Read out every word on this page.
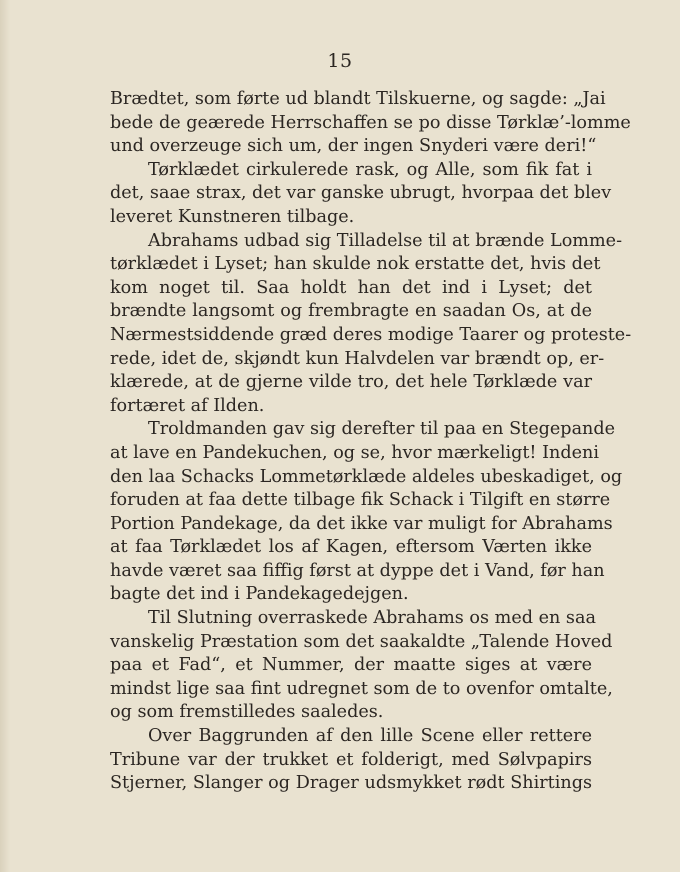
15
Brædtet, som førte ud blandt Tilskuerne, og sagde: „Jai
bede de geærede Herrschaffen se po disse Tørklæ’-lomme
und overzeuge sich um, der ingen Snyderi være deri!“
Tørklædet cirkulerede rask, og Alle, som fik fat i
det, saae strax, det var ganske ubrugt, hvorpaa det blev
leveret Kunstneren tilbage.
Abrahams udbad sig Tilladelse til at brænde Lomme-
tørklædet i Lyset; han skulde nok erstatte det, hvis det
kom noget til. Saa holdt han det ind i Lyset; det
brændte langsomt og frembragte en saadan Os, at de
Nærmestsiddende græd deres modige Taarer og proteste-
rede, idet de, skjøndt kun Halvdelen var brændt op, er-
klærede, at de gjerne vilde tro, det hele Tørklæde var
fortæret af Ilden.
Troldmanden gav sig derefter til paa en Stegepande
at lave en Pandekuchen, og se, hvor mærkeligt! Indeni
den laa Schacks Lommetørklæde aldeles ubeskadiget, og
foruden at faa dette tilbage fik Schack i Tilgift en større
Portion Pandekage, da det ikke var muligt for Abrahams
at faa Tørklædet los af Kagen, eftersom Værten ikke
havde været saa fiffig først at dyppe det i Vand, før han
bagte det ind i Pandekagedejgen.
Til Slutning overraskede Abrahams os med en saa
vanskelig Præstation som det saakaldte „Talende Hoved
paa et Fad“, et Nummer, der maatte siges at være
mindst lige saa fint udregnet som de to ovenfor omtalte,
og som fremstilledes saaledes.
Over Baggrunden af den lille Scene eller rettere
Tribune var der trukket et folderigt, med Sølvpapirs
Stjerner, Slanger og Drager udsmykket rødt Shirtings
